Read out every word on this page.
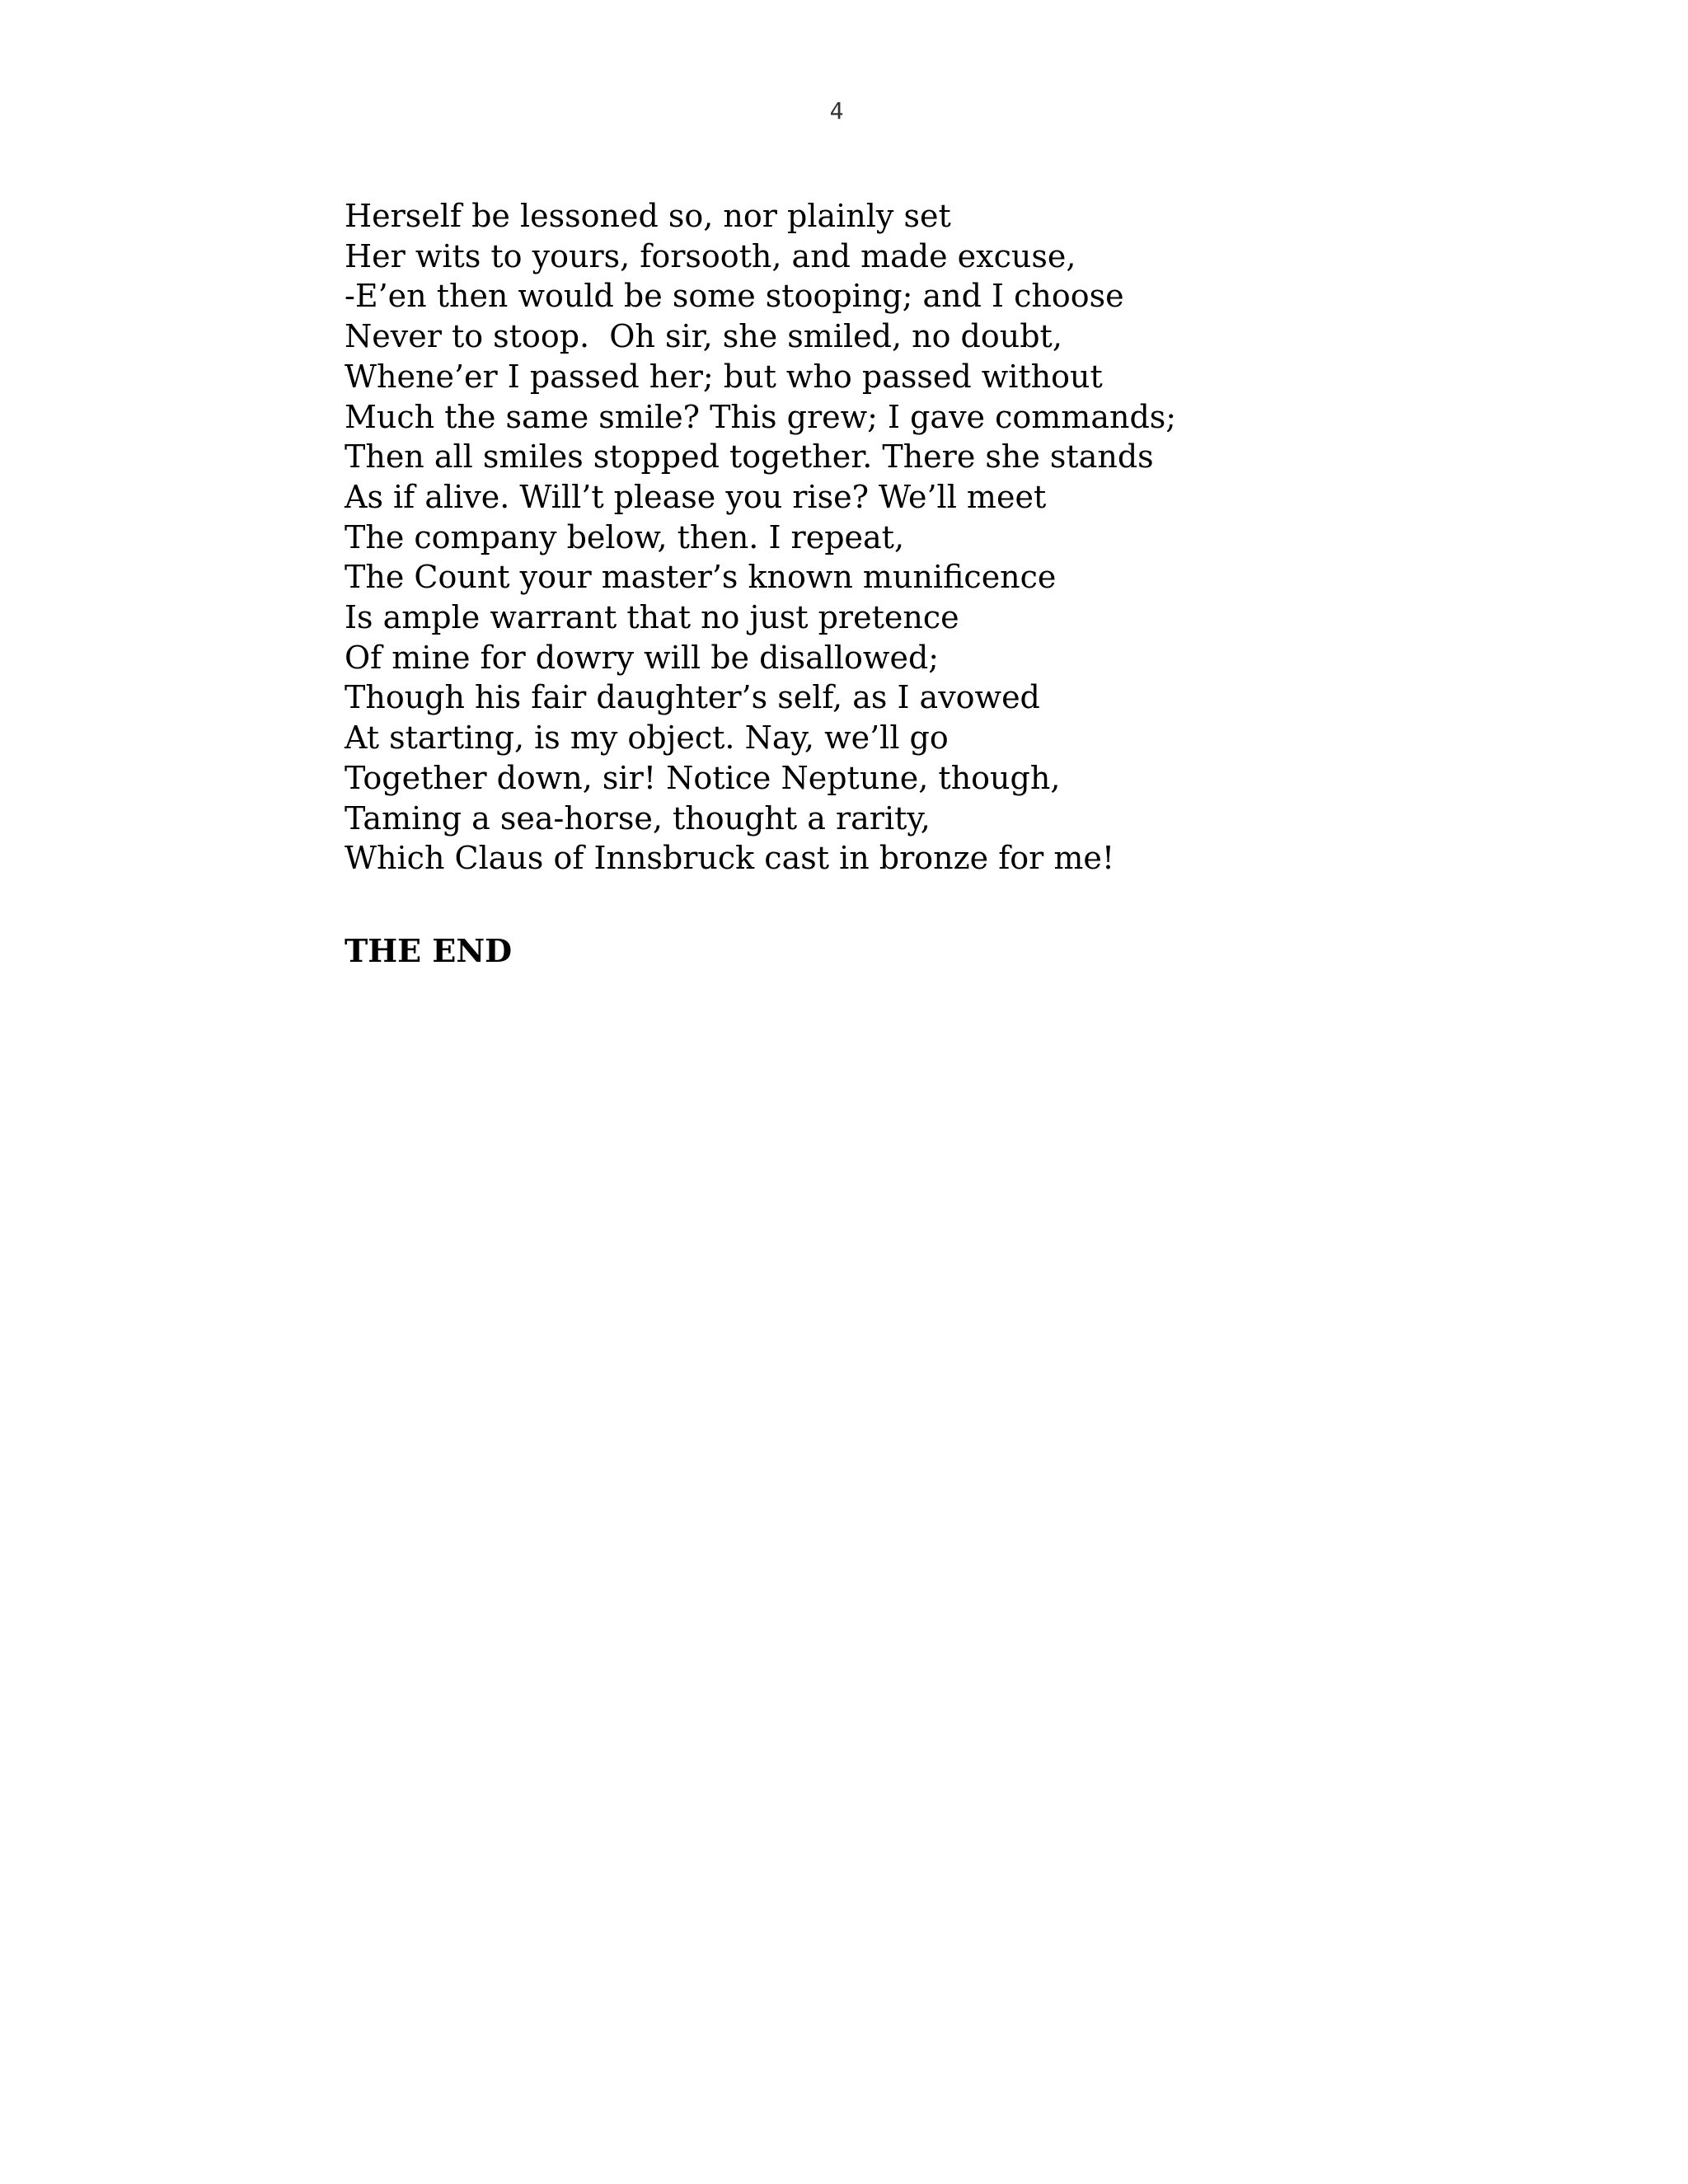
4
Herself be lessoned so, nor plainly set
Her wits to yours, forsooth, and made excuse,
-E’en then would be some stooping; and I choose
Never to stoop.  Oh sir, she smiled, no doubt,
Whene’er I passed her; but who passed without
Much the same smile? This grew; I gave commands;
Then all smiles stopped together. There she stands
As if alive. Will’t please you rise? We’ll meet
The company below, then. I repeat,
The Count your master’s known munificence
Is ample warrant that no just pretence
Of mine for dowry will be disallowed;
Though his fair daughter’s self, as I avowed
At starting, is my object. Nay, we’ll go
Together down, sir! Notice Neptune, though,
Taming a sea-horse, thought a rarity,
Which Claus of Innsbruck cast in bronze for me!
THE END
